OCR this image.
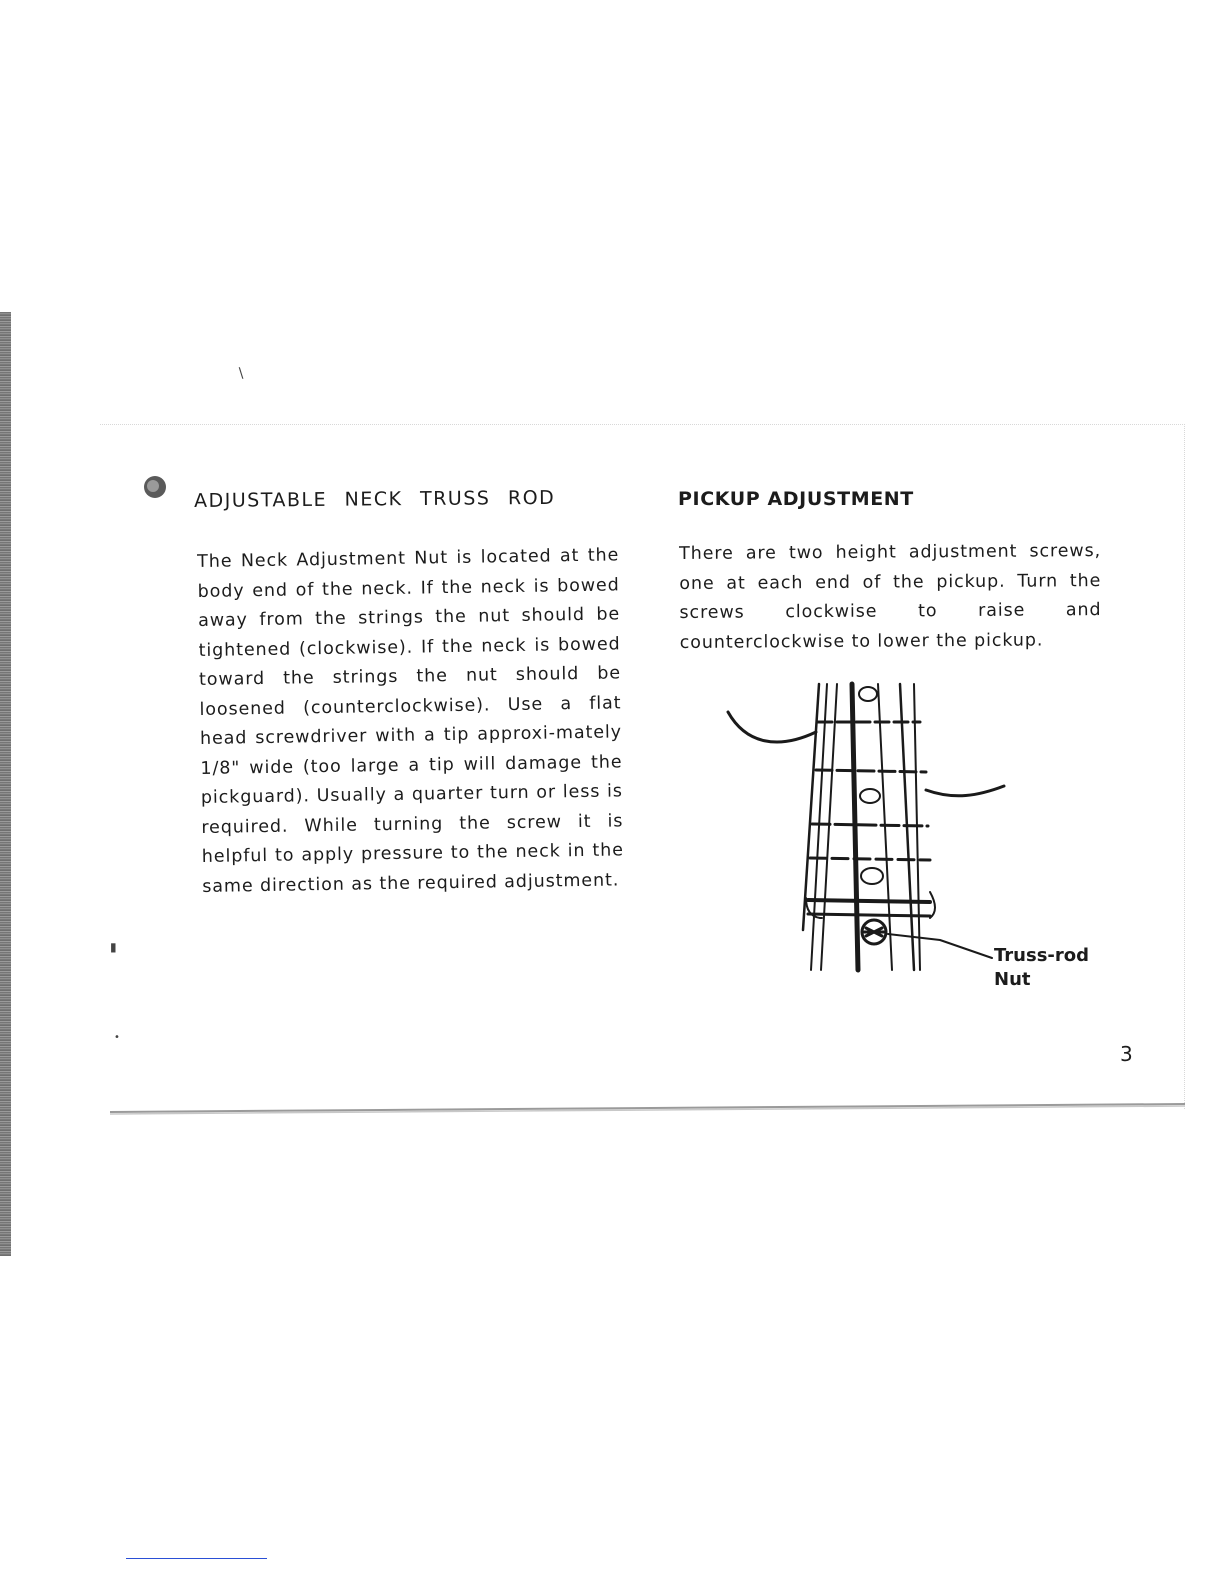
∖
▮
•
ADJUSTABLE NECK TRUSS ROD

The Neck Adjustment Nut is located at the body end of the neck. If the neck is bowed away from the strings the nut should be tightened (clockwise). If the neck is bowed toward the strings the nut should be loosened (counterclockwise). Use a flat head screwdriver with a tip approxi-mately 1/8" wide (too large a tip will damage the pickguard). Usually a quarter turn or less is required. While turning the screw it is helpful to apply pressure to the neck in the same direction as the required adjustment.

PICKUP ADJUSTMENT

There are two height adjustment screws, one at each end of the pickup. Turn the screws clockwise to raise and counterclockwise to lower the pickup.

Truss-rod
Nut
3
